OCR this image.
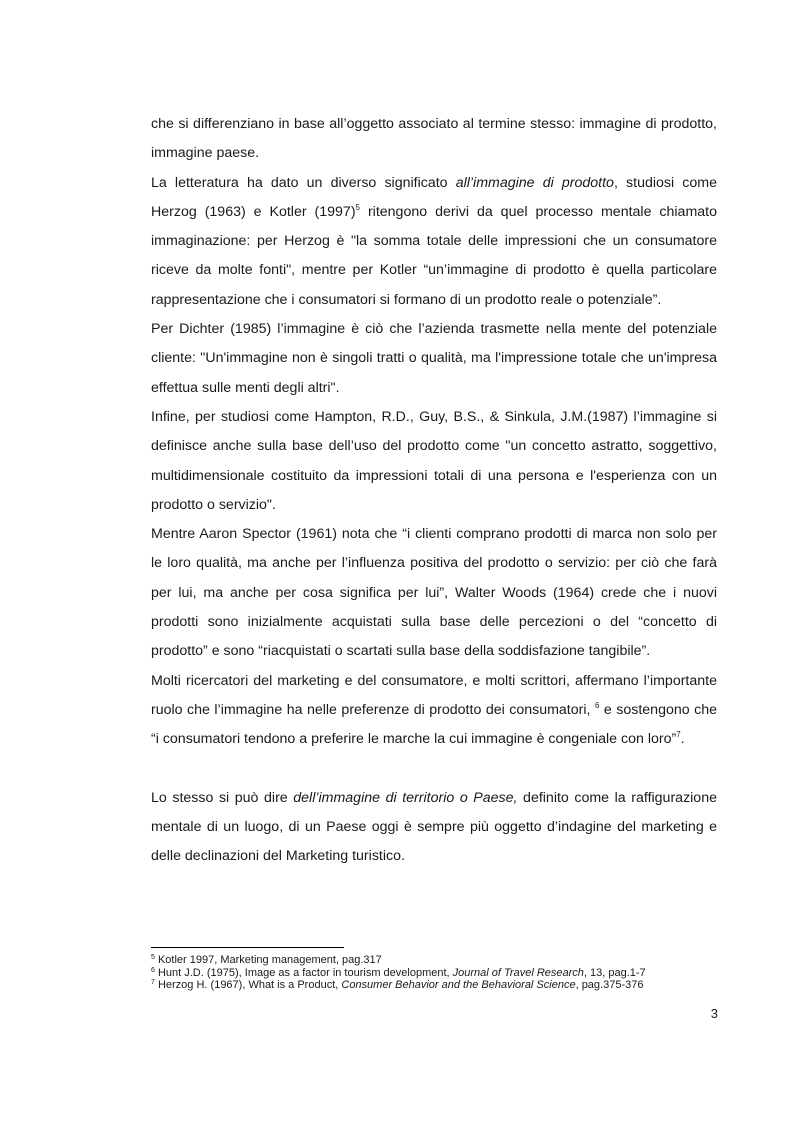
che si differenziano in base all’oggetto associato al termine stesso: immagine di prodotto, immagine paese.

La letteratura ha dato un diverso significato all’immagine di prodotto, studiosi come Herzog (1963) e Kotler $(1997)^5$ ritengono derivi da quel processo mentale chiamato immaginazione: per Herzog è "la somma totale delle impressioni che un consumatore riceve da molte fonti", mentre per Kotler “un’immagine di prodotto è quella particolare rappresentazione che i consumatori si formano di un prodotto reale o potenziale”.

Per Dichter (1985) l’immagine è ciò che l’azienda trasmette nella mente del potenziale cliente: "Un'immagine non è singoli tratti o qualità, ma l'impressione totale che un'impresa effettua sulle menti degli altri".

Infine, per studiosi come Hampton, R.D., Guy, B.S., & Sinkula, J.M.(1987) l’immagine si definisce anche sulla base dell’uso del prodotto come "un concetto astratto, soggettivo, multidimensionale costituito da impressioni totali di una persona e l'esperienza con un prodotto o servizio".

Mentre Aaron Spector (1961) nota che “i clienti comprano prodotti di marca non solo per le loro qualità, ma anche per l’influenza positiva del prodotto o servizio: per ciò che farà per lui, ma anche per cosa significa per lui”, Walter Woods (1964) crede che i nuovi prodotti sono inizialmente acquistati sulla base delle percezioni o del “concetto di prodotto” e sono “riacquistati o scartati sulla base della soddisfazione tangibile”.

Molti ricercatori del marketing e del consumatore, e molti scrittori, affermano l’importante ruolo che l’immagine ha nelle preferenze di prodotto dei consumatori, $^6$ e sostengono che “i consumatori tendono a preferire le marche la cui immagine è congeniale con loro”$^7$.

Lo stesso si può dire dell’immagine di territorio o Paese, definito come la raffigurazione mentale di un luogo, di un Paese oggi è sempre più oggetto d’indagine del marketing e delle declinazioni del Marketing turistico.

$^5$ Kotler 1997, Marketing management, pag.317

$^6$ Hunt J.D. (1975), Image as a factor in tourism development, Journal of Travel Research, 13, pag.1-7

$^7$ Herzog H. (1967), What is a Product, Consumer Behavior and the Behavioral Science, pag.375-376

3
